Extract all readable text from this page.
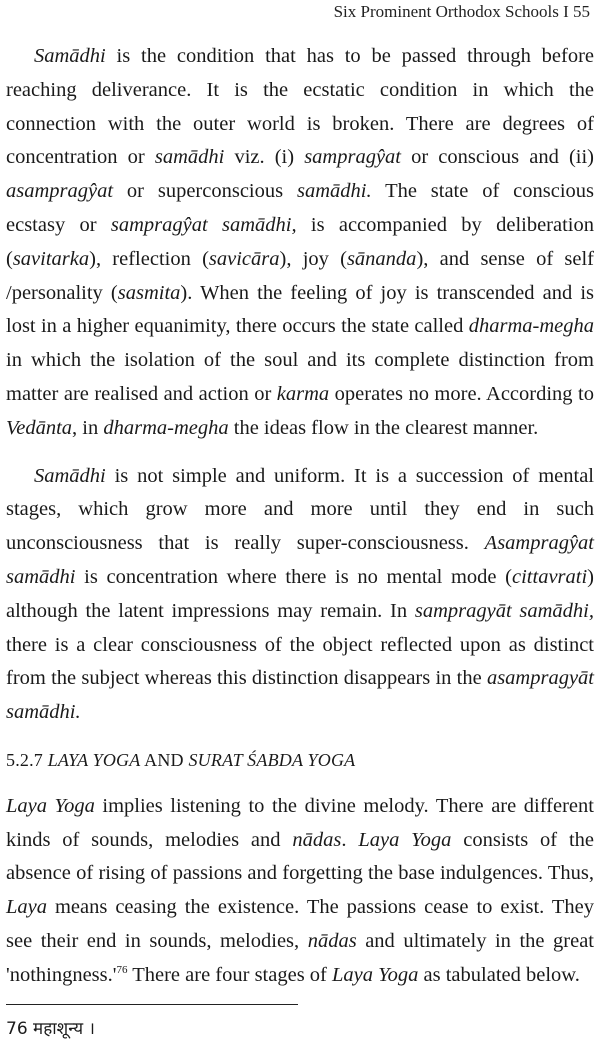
Six Prominent Orthodox Schools I 55

Samādhi is the condition that has to be passed through before reaching deliverance. It is the ecstatic condition in which the connection with the outer world is broken. There are degrees of concentration or samādhi viz. (i) sampragŷat or conscious and (ii) asampragŷat or superconscious samādhi. The state of conscious ecstasy or sampragŷat samādhi, is accompanied by deliberation (savitarka), reflection (savicāra), joy (sānanda), and sense of self /personality (sasmita). When the feeling of joy is transcended and is lost in a higher equanimity, there occurs the state called dharma-megha in which the isolation of the soul and its complete distinction from matter are realised and action or karma operates no more. According to Vedānta, in dharma-megha the ideas flow in the clearest manner.

Samādhi is not simple and uniform. It is a succession of mental stages, which grow more and more until they end in such unconsciousness that is really super-consciousness. Asampragŷat samādhi is concentration where there is no mental mode (cittavrati) although the latent impressions may remain. In sampragyāt samādhi, there is a clear consciousness of the object reflected upon as distinct from the subject whereas this distinction disappears in the asampragyāt samādhi.

5.2.7 LAYA YOGA AND SURAT ŚABDA YOGA

Laya Yoga implies listening to the divine melody. There are different kinds of sounds, melodies and nādas. Laya Yoga consists of the absence of rising of passions and forgetting the base indulgences. Thus, Laya means ceasing the existence. The passions cease to exist. They see their end in sounds, melodies, nādas and ultimately in the great '$nothingness.'^{76}$ There are four stages of Laya Yoga as tabulated below.

76 महाशून्य ।
